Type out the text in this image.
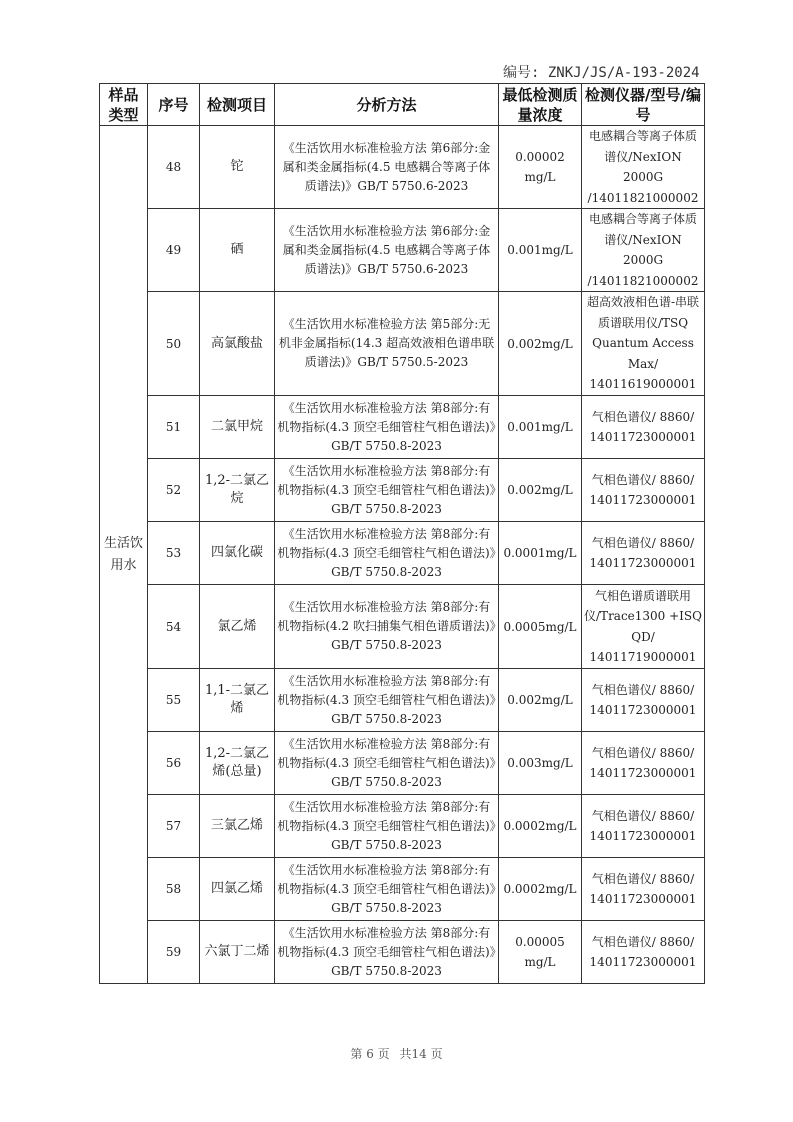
编号: ZNKJ/JS/A-193-2024
样品类型	序号	检测项目	分析方法	最低检测质量浓度	检测仪器/型号/编号
生活饮用水	48	铊	《生活饮用水标准检验方法 第6部分:金属和类金属指标(4.5 电感耦合等离子体质谱法)》GB/T 5750.6-2023	0.00002 mg/L	电感耦合等离子体质谱仪/NexION 2000G /14011821000002
	49	硒	《生活饮用水标准检验方法 第6部分:金属和类金属指标(4.5 电感耦合等离子体质谱法)》GB/T 5750.6-2023	0.001mg/L	电感耦合等离子体质谱仪/NexION 2000G /14011821000002
	50	高氯酸盐	《生活饮用水标准检验方法 第5部分:无机非金属指标(14.3 超高效液相色谱串联质谱法)》GB/T 5750.5-2023	0.002mg/L	超高效液相色谱-串联质谱联用仪/TSQ Quantum Access Max/ 14011619000001
	51	二氯甲烷	《生活饮用水标准检验方法 第8部分:有机物指标(4.3 顶空毛细管柱气相色谱法)》GB/T 5750.8-2023	0.001mg/L	气相色谱仪/ 8860/ 14011723000001
	52	1,2-二氯乙烷	《生活饮用水标准检验方法 第8部分:有机物指标(4.3 顶空毛细管柱气相色谱法)》GB/T 5750.8-2023	0.002mg/L	气相色谱仪/ 8860/ 14011723000001
	53	四氯化碳	《生活饮用水标准检验方法 第8部分:有机物指标(4.3 顶空毛细管柱气相色谱法)》GB/T 5750.8-2023	0.0001mg/L	气相色谱仪/ 8860/ 14011723000001
	54	氯乙烯	《生活饮用水标准检验方法 第8部分:有机物指标(4.2 吹扫捕集气相色谱质谱法)》GB/T 5750.8-2023	0.0005mg/L	气相色谱质谱联用仪/Trace1300 +ISQ QD/ 14011719000001
	55	1,1-二氯乙烯	《生活饮用水标准检验方法 第8部分:有机物指标(4.3 顶空毛细管柱气相色谱法)》GB/T 5750.8-2023	0.002mg/L	气相色谱仪/ 8860/ 14011723000001
	56	1,2-二氯乙烯(总量)	《生活饮用水标准检验方法 第8部分:有机物指标(4.3 顶空毛细管柱气相色谱法)》GB/T 5750.8-2023	0.003mg/L	气相色谱仪/ 8860/ 14011723000001
	57	三氯乙烯	《生活饮用水标准检验方法 第8部分:有机物指标(4.3 顶空毛细管柱气相色谱法)》GB/T 5750.8-2023	0.0002mg/L	气相色谱仪/ 8860/ 14011723000001
	58	四氯乙烯	《生活饮用水标准检验方法 第8部分:有机物指标(4.3 顶空毛细管柱气相色谱法)》GB/T 5750.8-2023	0.0002mg/L	气相色谱仪/ 8860/ 14011723000001
	59	六氯丁二烯	《生活饮用水标准检验方法 第8部分:有机物指标(4.3 顶空毛细管柱气相色谱法)》GB/T 5750.8-2023	0.00005 mg/L	气相色谱仪/ 8860/ 14011723000001
第 6 页 共14 页
